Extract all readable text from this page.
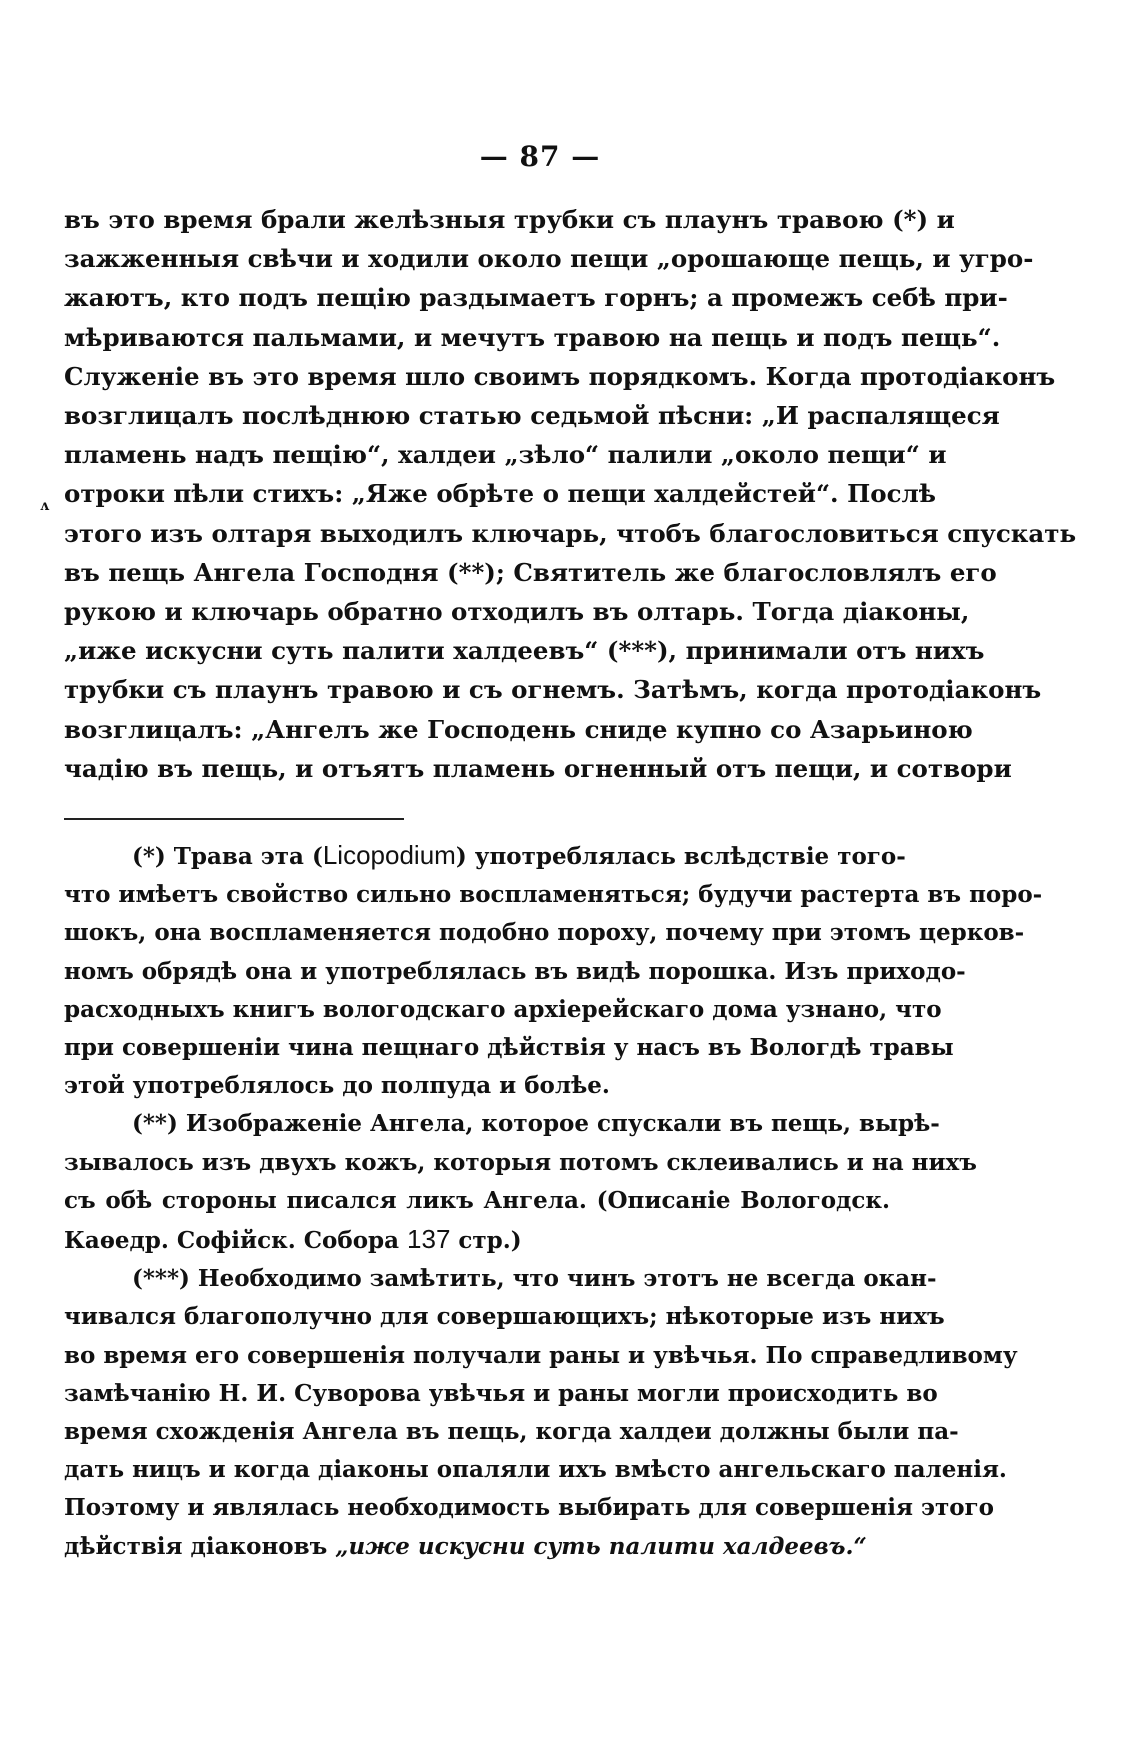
— 87 —
ʌ
въ это время брали желѣзныя трубки съ плаунъ травою (*) и
зажженныя свѣчи и ходили около пещи „орошающе пещь, и угро-
жаютъ, кто подъ пещію раздымаетъ горнъ; а промежъ себѣ при-
мѣриваются пальмами, и мечутъ травою на пещь и подъ пещь“.
Служеніе въ это время шло своимъ порядкомъ. Когда протодіаконъ
возглицалъ послѣднюю статью седьмой пѣсни: „И распалящеся
пламень надъ пещію“, халдеи „зѣло“ палили „около пещи“ и
отроки пѣли стихъ: „Яже обрѣте о пещи халдейстей“. Послѣ
этого изъ олтаря выходилъ ключарь, чтобъ благословиться спускать
въ пещь Ангела Господня (**); Святитель же благословлялъ его
рукою и ключарь обратно отходилъ въ олтарь. Тогда діаконы,
„иже искусни суть палити халдеевъ“ (***), принимали отъ нихъ
трубки съ плаунъ травою и съ огнемъ. Затѣмъ, когда протодіаконъ
возглицалъ: „Ангелъ же Господень сниде купно со Азарьиною
чадію въ пещь, и отъятъ пламень огненный отъ пещи, и сотвори
(*) Трава эта (Licopodium) употреблялась вслѣдствіе того-
что имѣетъ свойство сильно воспламеняться; будучи растерта въ поро-
шокъ, она воспламеняется подобно пороху, почему при этомъ церков-
номъ обрядѣ она и употреблялась въ видѣ порошка. Изъ приходо-
расходныхъ книгъ вологодскаго архіерейскаго дома узнано, что
при совершеніи чина пещнаго дѣйствія у насъ въ Вологдѣ травы
этой употреблялось до полпуда и болѣе.
(**) Изображеніе Ангела, которое спускали въ пещь, вырѣ-
зывалось изъ двухъ кожъ, которыя потомъ склеивались и на нихъ
съ обѣ стороны писался ликъ Ангела. (Описаніе Вологодск.
Каѳедр. Софійск. Собора 137 стр.)
(***) Необходимо замѣтить, что чинъ этотъ не всегда окан-
чивался благополучно для совершающихъ; нѣкоторые изъ нихъ
во время его совершенія получали раны и увѣчья. По справедливому
замѣчанію Н. И. Суворова увѣчья и раны могли происходить во
время схожденія Ангела въ пещь, когда халдеи должны были па-
дать ницъ и когда діаконы опаляли ихъ вмѣсто ангельскаго паленія.
Поэтому и являлась необходимость выбирать для совершенія этого
дѣйствія діаконовъ „иже искусни суть палити халдеевъ.“
